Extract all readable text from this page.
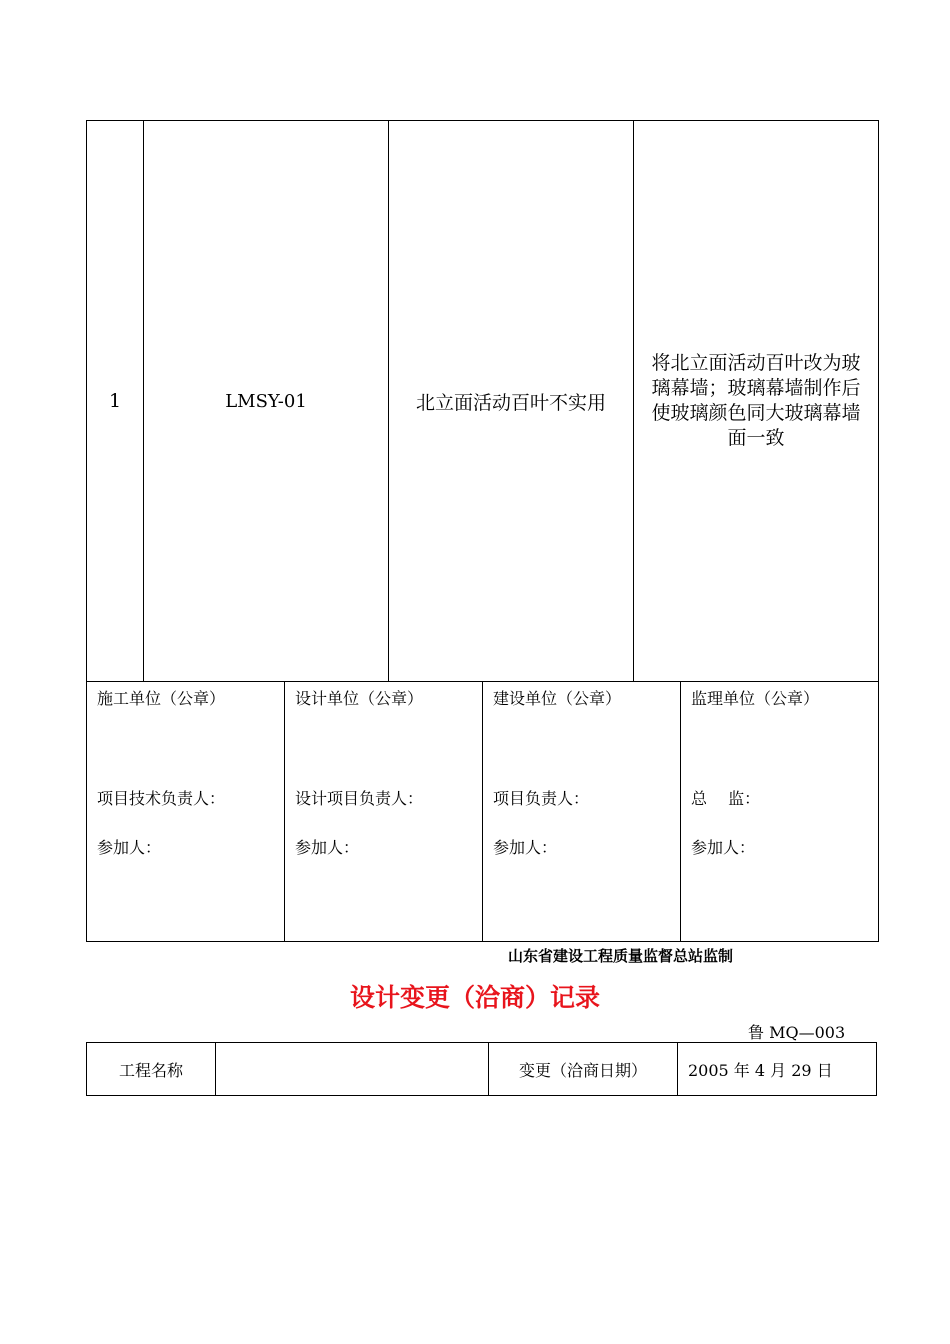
1	LMSY-01	北立面活动百叶不实用	将北立面活动百叶改为玻璃幕墙；玻璃幕墙制作后使玻璃颜色同大玻璃幕墙面一致
施工单位（公章）
项目技术负责人：
参加人：

设计单位（公章）
设计项目负责人：
参加人：

建设单位（公章）
项目负责人：
参加人：

监理单位（公章）
总　 监：
参加人：
山东省建设工程质量监督总站监制
设计变更（洽商）记录
鲁 MQ—003
工程名称		变更（洽商日期）	2005 年 4 月 29 日
